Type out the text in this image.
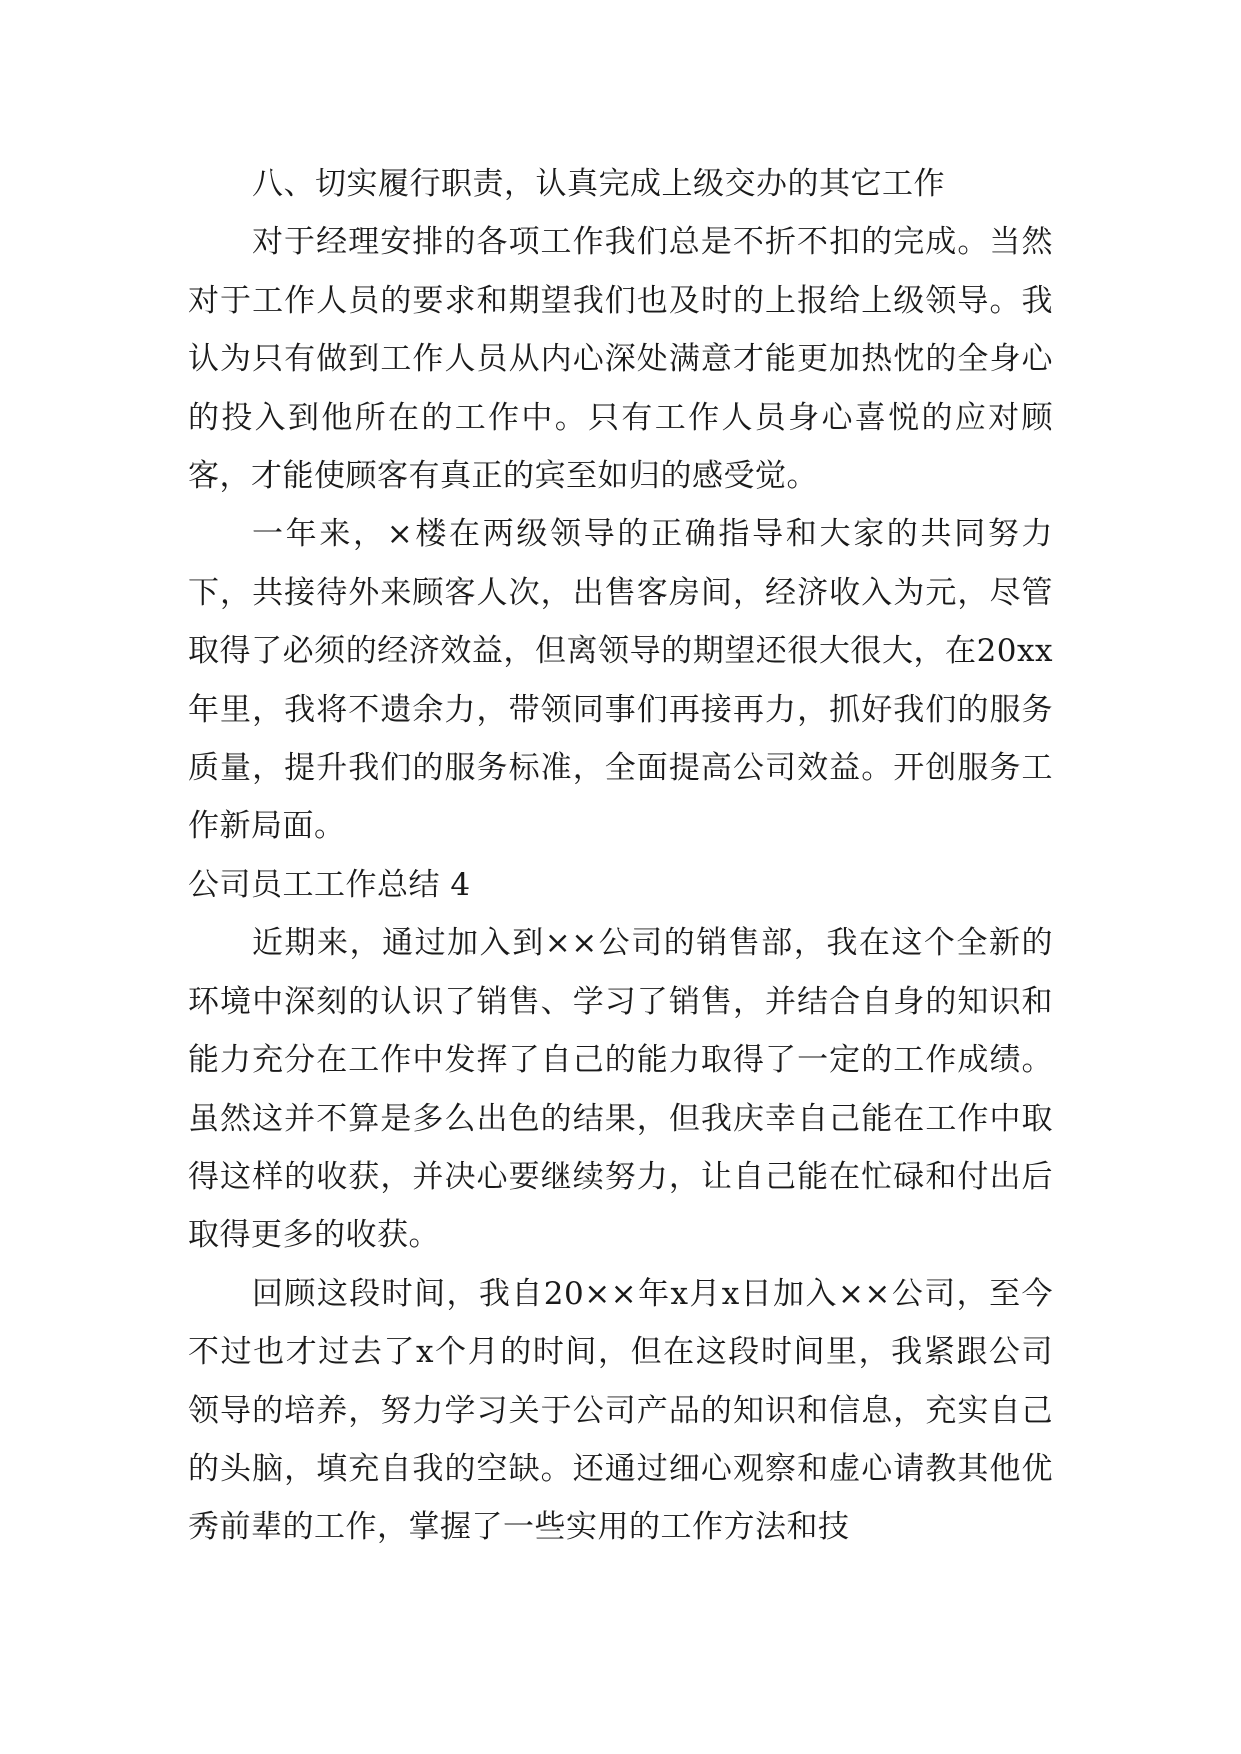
八、切实履行职责，认真完成上级交办的其它工作

对于经理安排的各项工作我们总是不折不扣的完成。当然对于工作人员的要求和期望我们也及时的上报给上级领导。我认为只有做到工作人员从内心深处满意才能更加热忱的全身心的投入到他所在的工作中。只有工作人员身心喜悦的应对顾客，才能使顾客有真正的宾至如归的感受觉。

一年来，×楼在两级领导的正确指导和大家的共同努力下，共接待外来顾客人次，出售客房间，经济收入为元，尽管取得了必须的经济效益，但离领导的期望还很大很大，在20xx年里，我将不遗余力，带领同事们再接再力，抓好我们的服务质量，提升我们的服务标准，全面提高公司效益。开创服务工作新局面。

公司员工工作总结 4

近期来，通过加入到××公司的销售部，我在这个全新的环境中深刻的认识了销售、学习了销售，并结合自身的知识和能力充分在工作中发挥了自己的能力取得了一定的工作成绩。虽然这并不算是多么出色的结果，但我庆幸自己能在工作中取得这样的收获，并决心要继续努力，让自己能在忙碌和付出后取得更多的收获。

回顾这段时间，我自20××年x月x日加入××公司，至今不过也才过去了x个月的时间，但在这段时间里，我紧跟公司领导的培养，努力学习关于公司产品的知识和信息，充实自己的头脑，填充自我的空缺。还通过细心观察和虚心请教其他优秀前辈的工作，掌握了一些实用的工作方法和技
